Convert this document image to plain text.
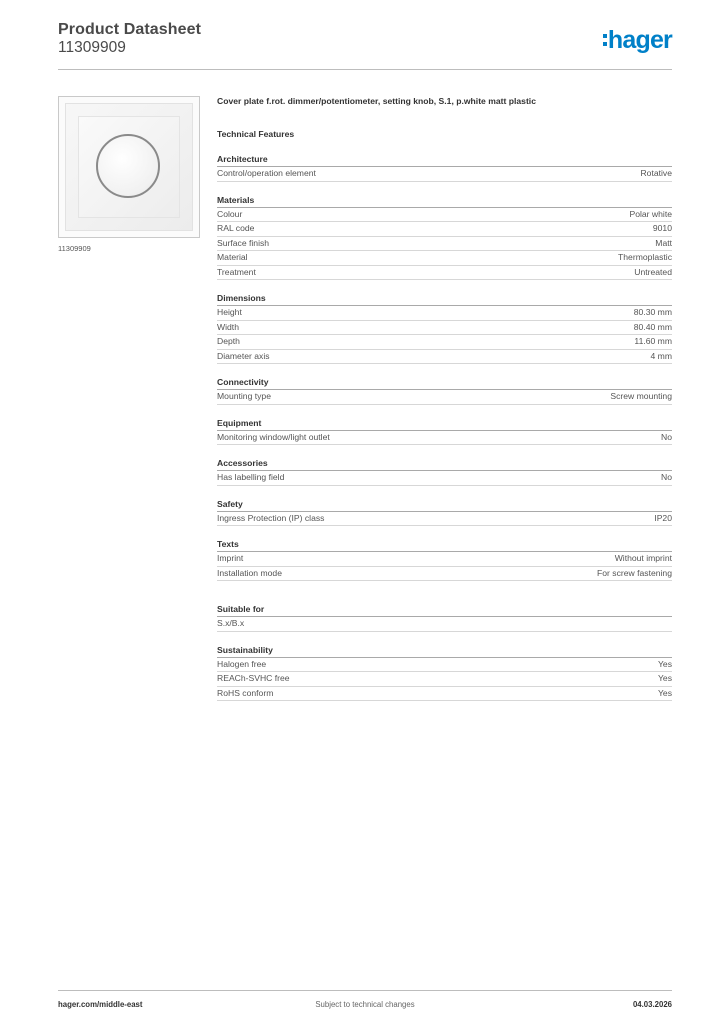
Product Datasheet
11309909	hager
11309909
Cover plate f.rot. dimmer/potentiometer, setting knob, S.1, p.white matt plastic
Technical Features
Architecture
Control/operation element	Rotative
Materials
Colour	Polar white
RAL code	9010
Surface finish	Matt
Material	Thermoplastic
Treatment	Untreated
Dimensions
Height	80.30 mm
Width	80.40 mm
Depth	11.60 mm
Diameter axis	4 mm
Connectivity
Mounting type	Screw mounting
Equipment
Monitoring window/light outlet	No
Accessories
Has labelling field	No
Safety
Ingress Protection (IP) class	IP20
Texts
Imprint	Without imprint
Installation mode	For screw fastening
Suitable for
S.x/B.x
Sustainability
Halogen free	Yes
REACh-SVHC free	Yes
RoHS conform	Yes
hager.com/middle-east	Subject to technical changes	04.03.2026
